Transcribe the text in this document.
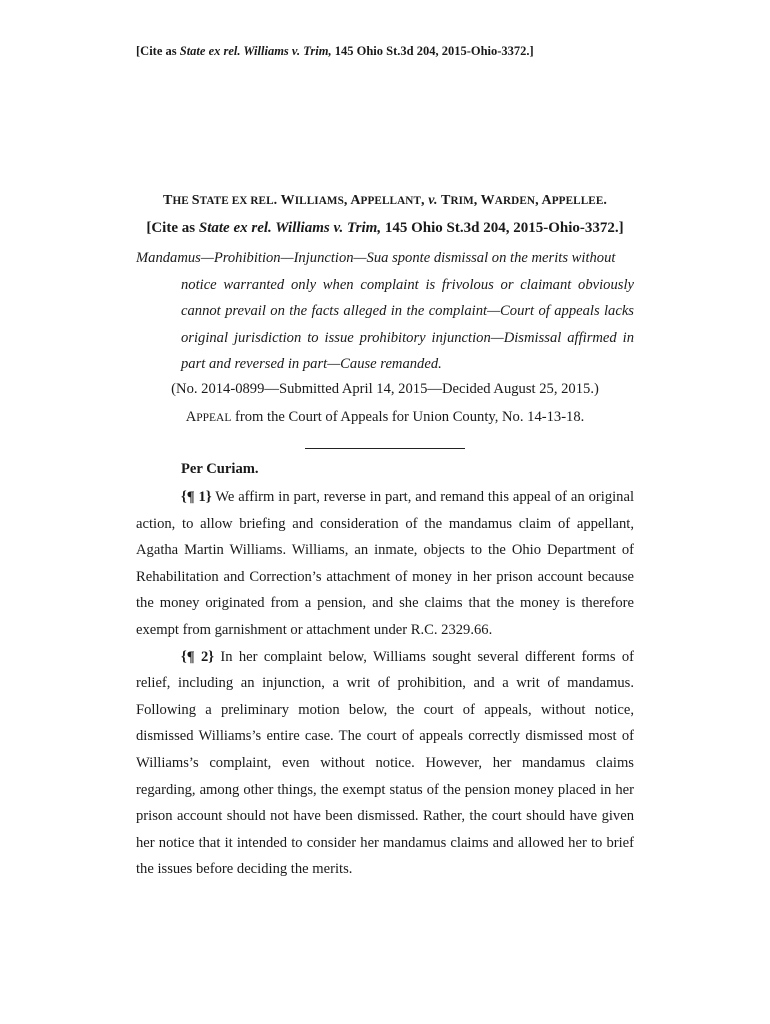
[Cite as State ex rel. Williams v. Trim, 145 Ohio St.3d 204, 2015-Ohio-3372.]
THE STATE EX REL. WILLIAMS, APPELLANT, v. TRIM, WARDEN, APPELLEE.
[Cite as State ex rel. Williams v. Trim, 145 Ohio St.3d 204, 2015-Ohio-3372.]
Mandamus—Prohibition—Injunction—Sua sponte dismissal on the merits without
notice warranted only when complaint is frivolous or claimant obviously cannot prevail on the facts alleged in the complaint—Court of appeals lacks original jurisdiction to issue prohibitory injunction—Dismissal affirmed in part and reversed in part—Cause remanded.
(No. 2014-0899—Submitted April 14, 2015—Decided August 25, 2015.)
APPEAL from the Court of Appeals for Union County, No. 14-13-18.
Per Curiam.

{¶ 1} We affirm in part, reverse in part, and remand this appeal of an original action, to allow briefing and consideration of the mandamus claim of appellant, Agatha Martin Williams. Williams, an inmate, objects to the Ohio Department of Rehabilitation and Correction’s attachment of money in her prison account because the money originated from a pension, and she claims that the money is therefore exempt from garnishment or attachment under R.C. 2329.66.

{¶ 2} In her complaint below, Williams sought several different forms of relief, including an injunction, a writ of prohibition, and a writ of mandamus. Following a preliminary motion below, the court of appeals, without notice, dismissed Williams’s entire case. The court of appeals correctly dismissed most of Williams’s complaint, even without notice. However, her mandamus claims regarding, among other things, the exempt status of the pension money placed in her prison account should not have been dismissed. Rather, the court should have given her notice that it intended to consider her mandamus claims and allowed her to brief the issues before deciding the merits.
